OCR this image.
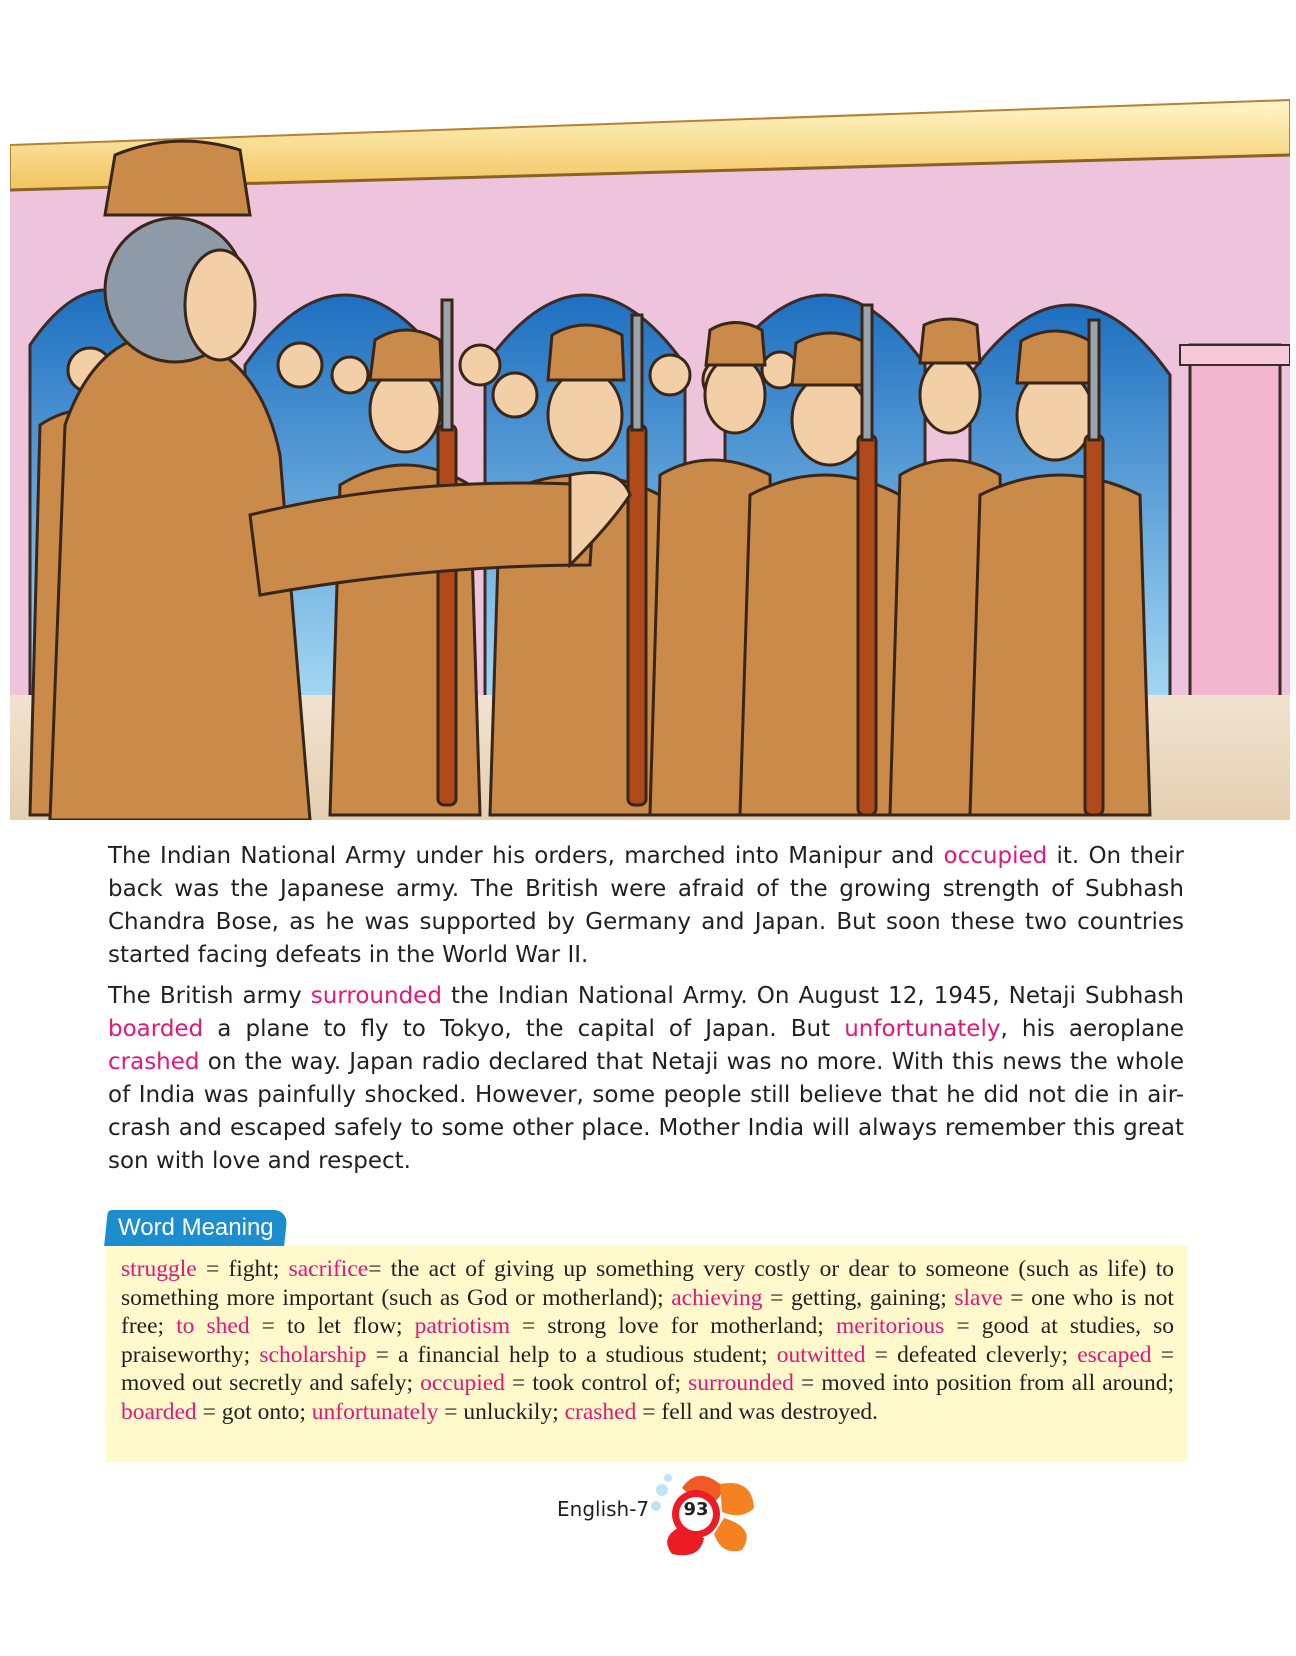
The Indian National Army under his orders, marched into Manipur and occupied it. On their back was the Japanese army. The British were afraid of the growing strength of Subhash Chandra Bose, as he was supported by Germany and Japan. But soon these two countries started facing defeats in the World War II.

The British army surrounded the Indian National Army. On August 12, 1945, Netaji Subhash boarded a plane to fly to Tokyo, the capital of Japan. But unfortunately, his aeroplane crashed on the way. Japan radio declared that Netaji was no more. With this news the whole of India was painfully shocked. However, some people still believe that he did not die in air-crash and escaped safely to some other place. Mother India will always remember this great son with love and respect.

Word Meaning
struggle = fight; sacrifice= the act of giving up something very costly or dear to someone (such as life) to something more important (such as God or motherland); achieving = getting, gaining; slave = one who is not free; to shed = to let flow; patriotism = strong love for motherland; meritorious = good at studies, so praiseworthy; scholarship = a financial help to a studious student; outwitted = defeated cleverly; escaped = moved out secretly and safely; occupied = took control of; surrounded = moved into position from all around; boarded = got onto; unfortunately = unluckily; crashed = fell and was destroyed.
English-7	93
